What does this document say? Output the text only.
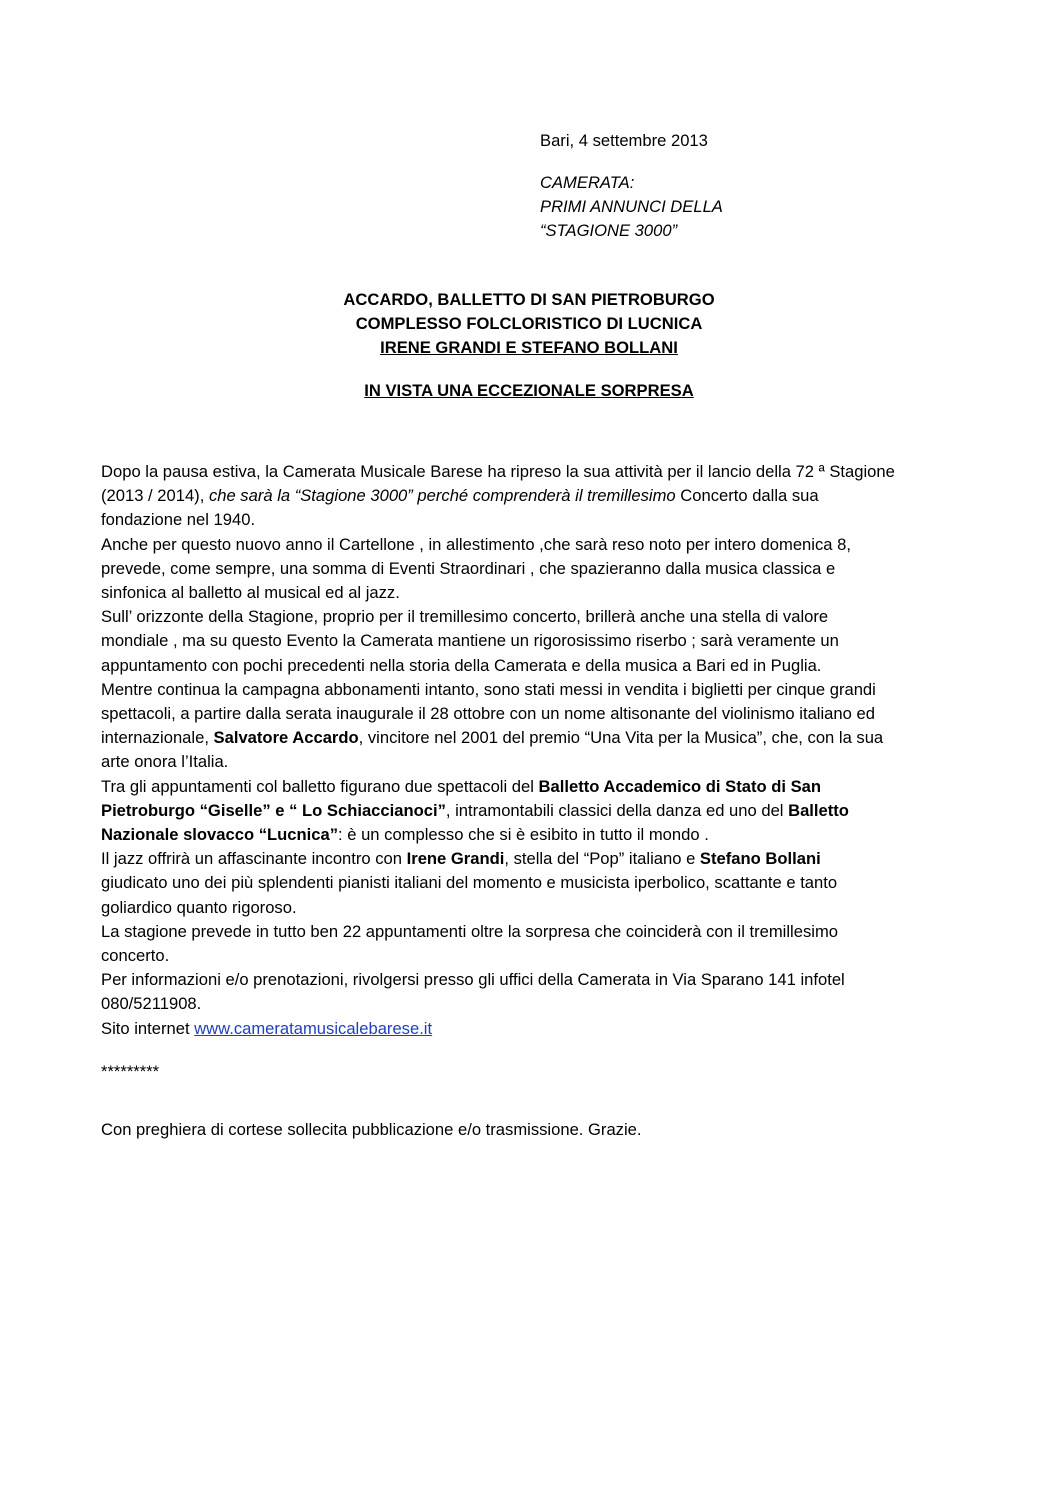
Bari, 4 settembre 2013
CAMERATA:
PRIMI ANNUNCI DELLA
“STAGIONE 3000”
ACCARDO, BALLETTO DI SAN PIETROBURGO
COMPLESSO FOLCLORISTICO DI LUCNICA
IRENE GRANDI E STEFANO BOLLANI
IN VISTA UNA ECCEZIONALE SORPRESA

Dopo la pausa estiva, la Camerata Musicale Barese ha ripreso la sua attività per il lancio della 72 ª Stagione

(2013 / 2014), che sarà la “Stagione 3000” perché comprenderà il tremillesimo Concerto dalla sua

fondazione nel 1940.

Anche per questo nuovo anno il Cartellone , in allestimento ,che sarà reso noto per intero domenica 8,

prevede, come sempre, una somma di Eventi Straordinari , che spazieranno dalla musica classica e

sinfonica al balletto al musical ed al jazz.

Sull’ orizzonte della Stagione, proprio per il tremillesimo concerto, brillerà anche una stella di valore

mondiale , ma su questo Evento la Camerata mantiene un rigorosissimo riserbo ; sarà veramente un

appuntamento con pochi precedenti nella storia della Camerata e della musica a Bari ed in Puglia.

Mentre continua la campagna abbonamenti intanto, sono stati messi in vendita i biglietti per cinque grandi

spettacoli, a partire dalla serata inaugurale il 28 ottobre con un nome altisonante del violinismo italiano ed

internazionale, Salvatore Accardo, vincitore nel 2001 del premio “Una Vita per la Musica”, che, con la sua

arte onora l’Italia.

Tra gli appuntamenti col balletto figurano due spettacoli del Balletto Accademico di Stato di San

Pietroburgo “Giselle” e “ Lo Schiaccianoci”, intramontabili classici della danza ed uno del Balletto

Nazionale slovacco “Lucnica”: è un complesso che si è esibito in tutto il mondo .

Il jazz offrirà un affascinante incontro con Irene Grandi, stella del “Pop” italiano e Stefano Bollani

giudicato uno dei più splendenti pianisti italiani del momento e musicista iperbolico, scattante e tanto

goliardico quanto rigoroso.

La stagione prevede in tutto ben 22 appuntamenti oltre la sorpresa che coinciderà con il tremillesimo

concerto.

Per informazioni e/o prenotazioni, rivolgersi presso gli uffici della Camerata in Via Sparano 141 infotel

080/5211908.

Sito internet www.cameratamusicalebarese.it

*********
Con preghiera di cortese sollecita pubblicazione e/o trasmissione. Grazie.
